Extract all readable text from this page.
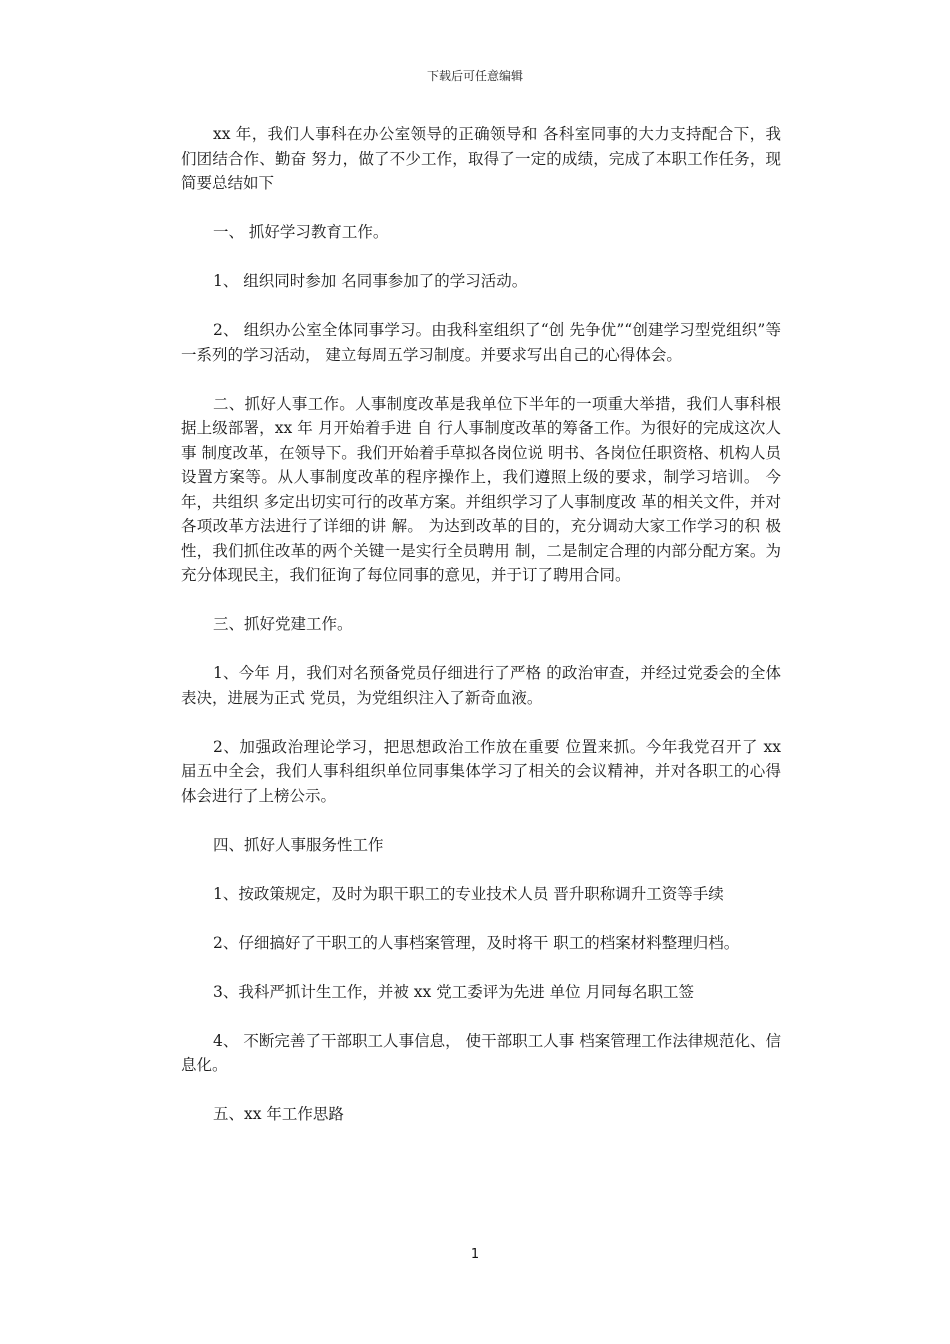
下载后可任意编辑

xx 年，我们人事科在办公室领导的正确领导和 各科室同事的大力支持配合下，我们团结合作、勤奋 努力，做了不少工作，取得了一定的成绩，完成了本职工作任务，现简要总结如下

一、 抓好学习教育工作。

1、 组织同时参加 名同事参加了的学习活动。

2、 组织办公室全体同事学习。由我科室组织了“创 先争优”“创建学习型党组织”等一系列的学习活动， 建立每周五学习制度。并要求写出自己的心得体会。

二、抓好人事工作。人事制度改革是我单位下半年的一项重大举措，我们人事科根据上级部署，xx 年 月开始着手进 自 行人事制度改革的筹备工作。为很好的完成这次人事 制度改革，在领导下。我们开始着手草拟各岗位说 明书、各岗位任职资格、机构人员设置方案等。从人事制度改革的程序操作上，我们遵照上级的要求，制学习培训。 今年，共组织 多定出切实可行的改革方案。并组织学习了人事制度改 革的相关文件，并对各项改革方法进行了详细的讲 解。 为达到改革的目的，充分调动大家工作学习的积 极性，我们抓住改革的两个关键一是实行全员聘用 制，二是制定合理的内部分配方案。为充分体现民主，我们征询了每位同事的意见，并于订了聘用合同。

三、抓好党建工作。

1、今年 月，我们对名预备党员仔细进行了严格 的政治审查，并经过党委会的全体表决，进展为正式 党员，为党组织注入了新奇血液。

2、加强政治理论学习，把思想政治工作放在重要 位置来抓。今年我党召开了 xx 届五中全会，我们人事科组织单位同事集体学习了相关的会议精神，并对各职工的心得体会进行了上榜公示。

四、抓好人事服务性工作

1、按政策规定，及时为职干职工的专业技术人员 晋升职称调升工资等手续

2、仔细搞好了干职工的人事档案管理，及时将干 职工的档案材料整理归档。

3、我科严抓计生工作，并被 xx 党工委评为先进 单位 月同每名职工签

4、 不断完善了干部职工人事信息， 使干部职工人事 档案管理工作法律规范化、信息化。

五、xx 年工作思路

1
